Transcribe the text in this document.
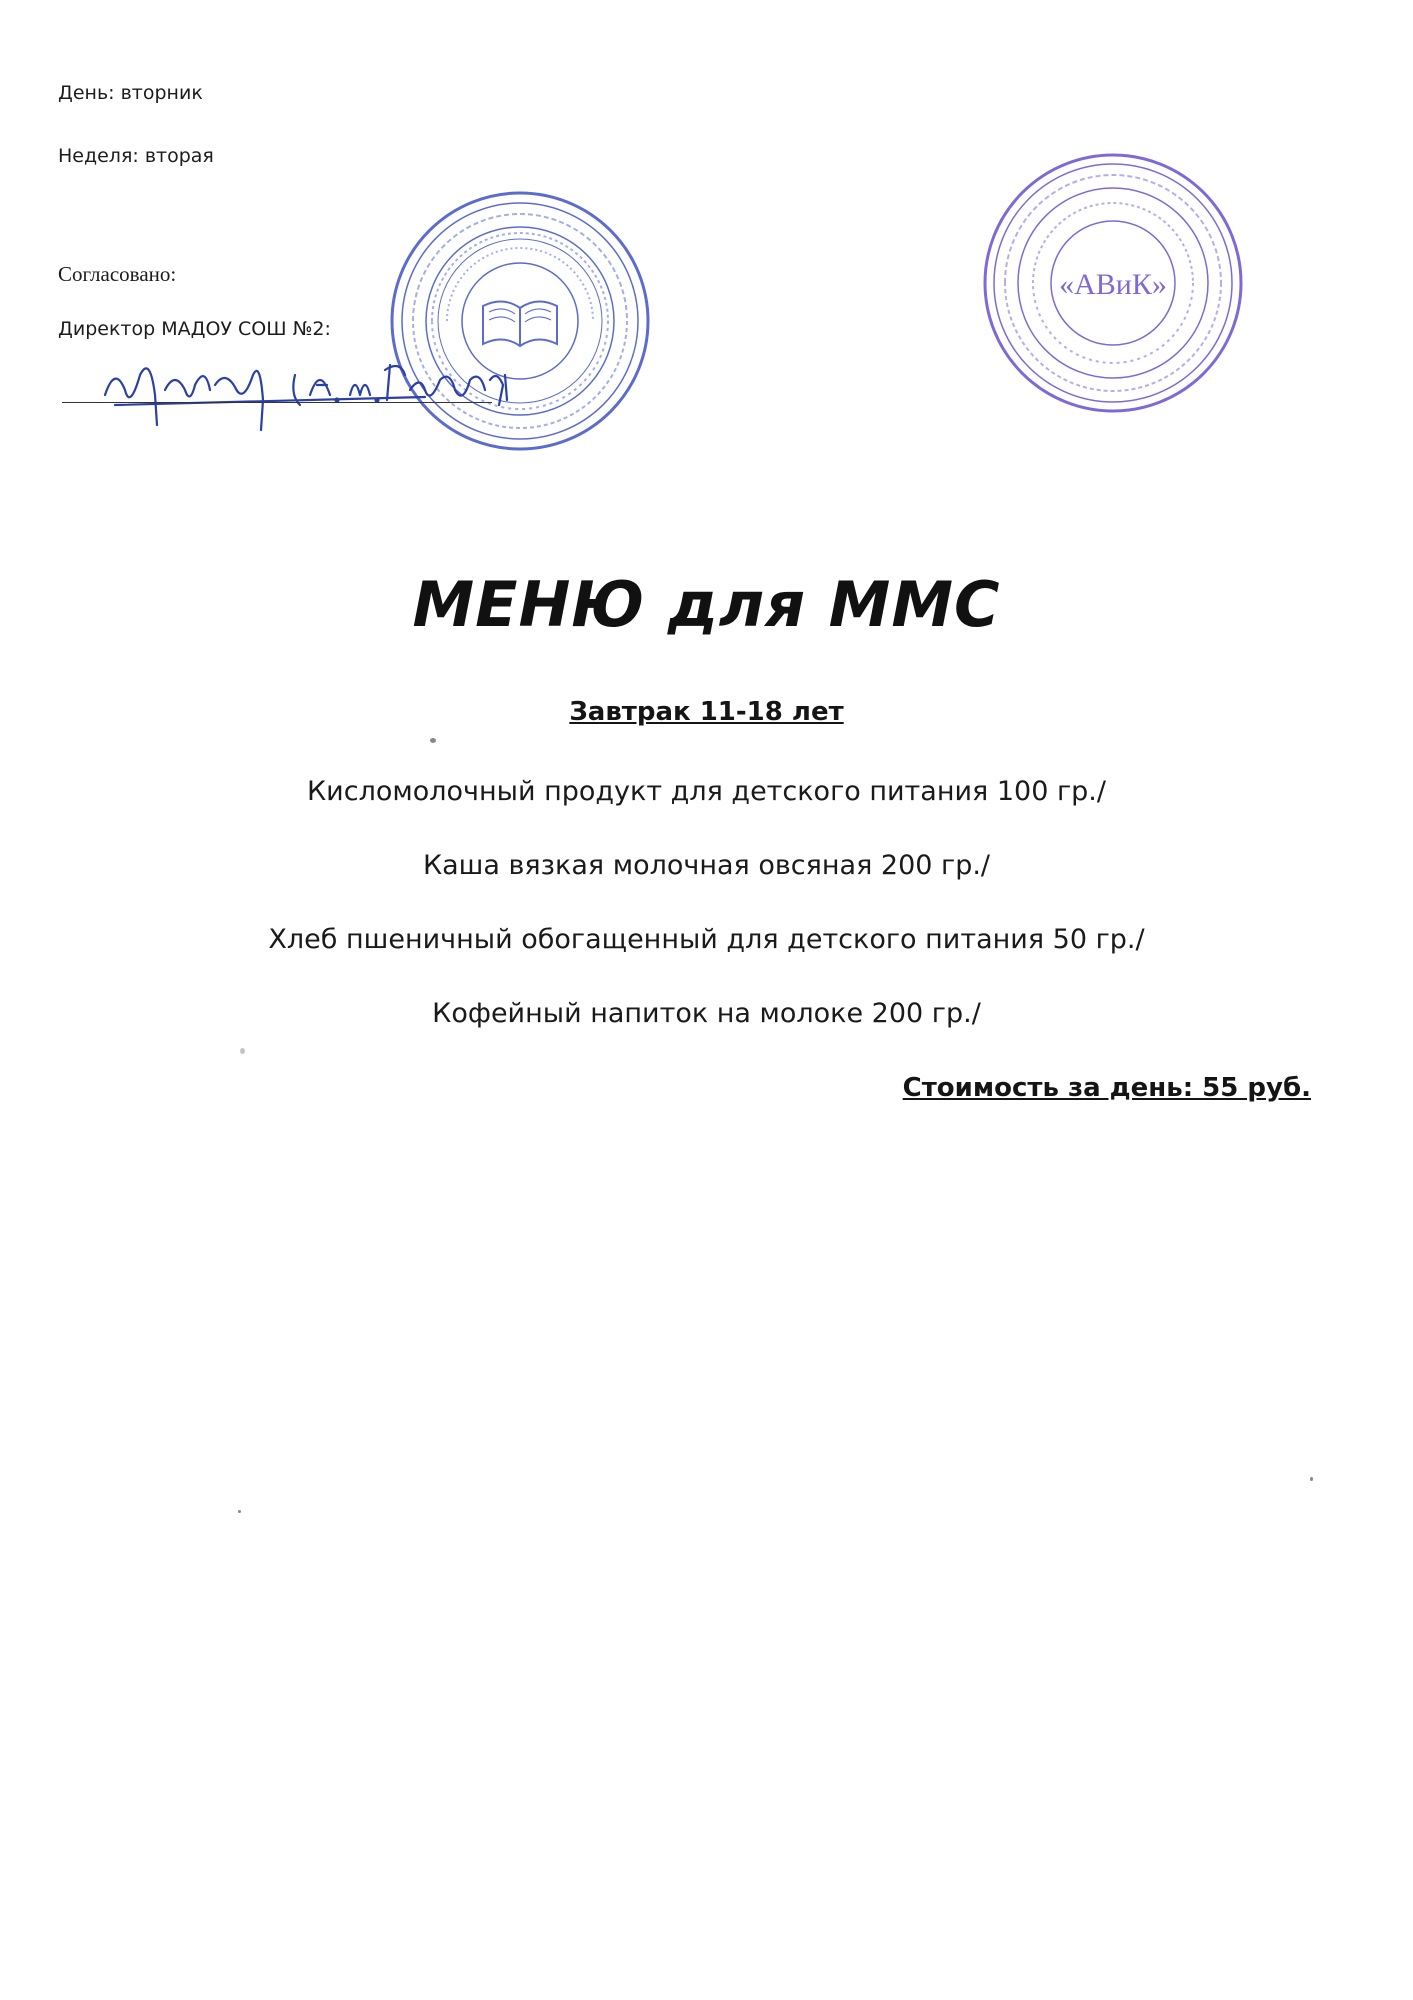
День: вторник
Неделя: вторая
Согласовано:
Директор МАДОУ СОШ №2:
«АВиК»
МЕНЮ для ММС
Завтрак 11-18 лет
Кисломолочный продукт для детского питания 100 гр./
Каша вязкая молочная овсяная 200 гр./
Хлеб пшеничный обогащенный для детского питания 50 гр./
Кофейный напиток на молоке 200 гр./
Стоимость за день: 55 руб.
